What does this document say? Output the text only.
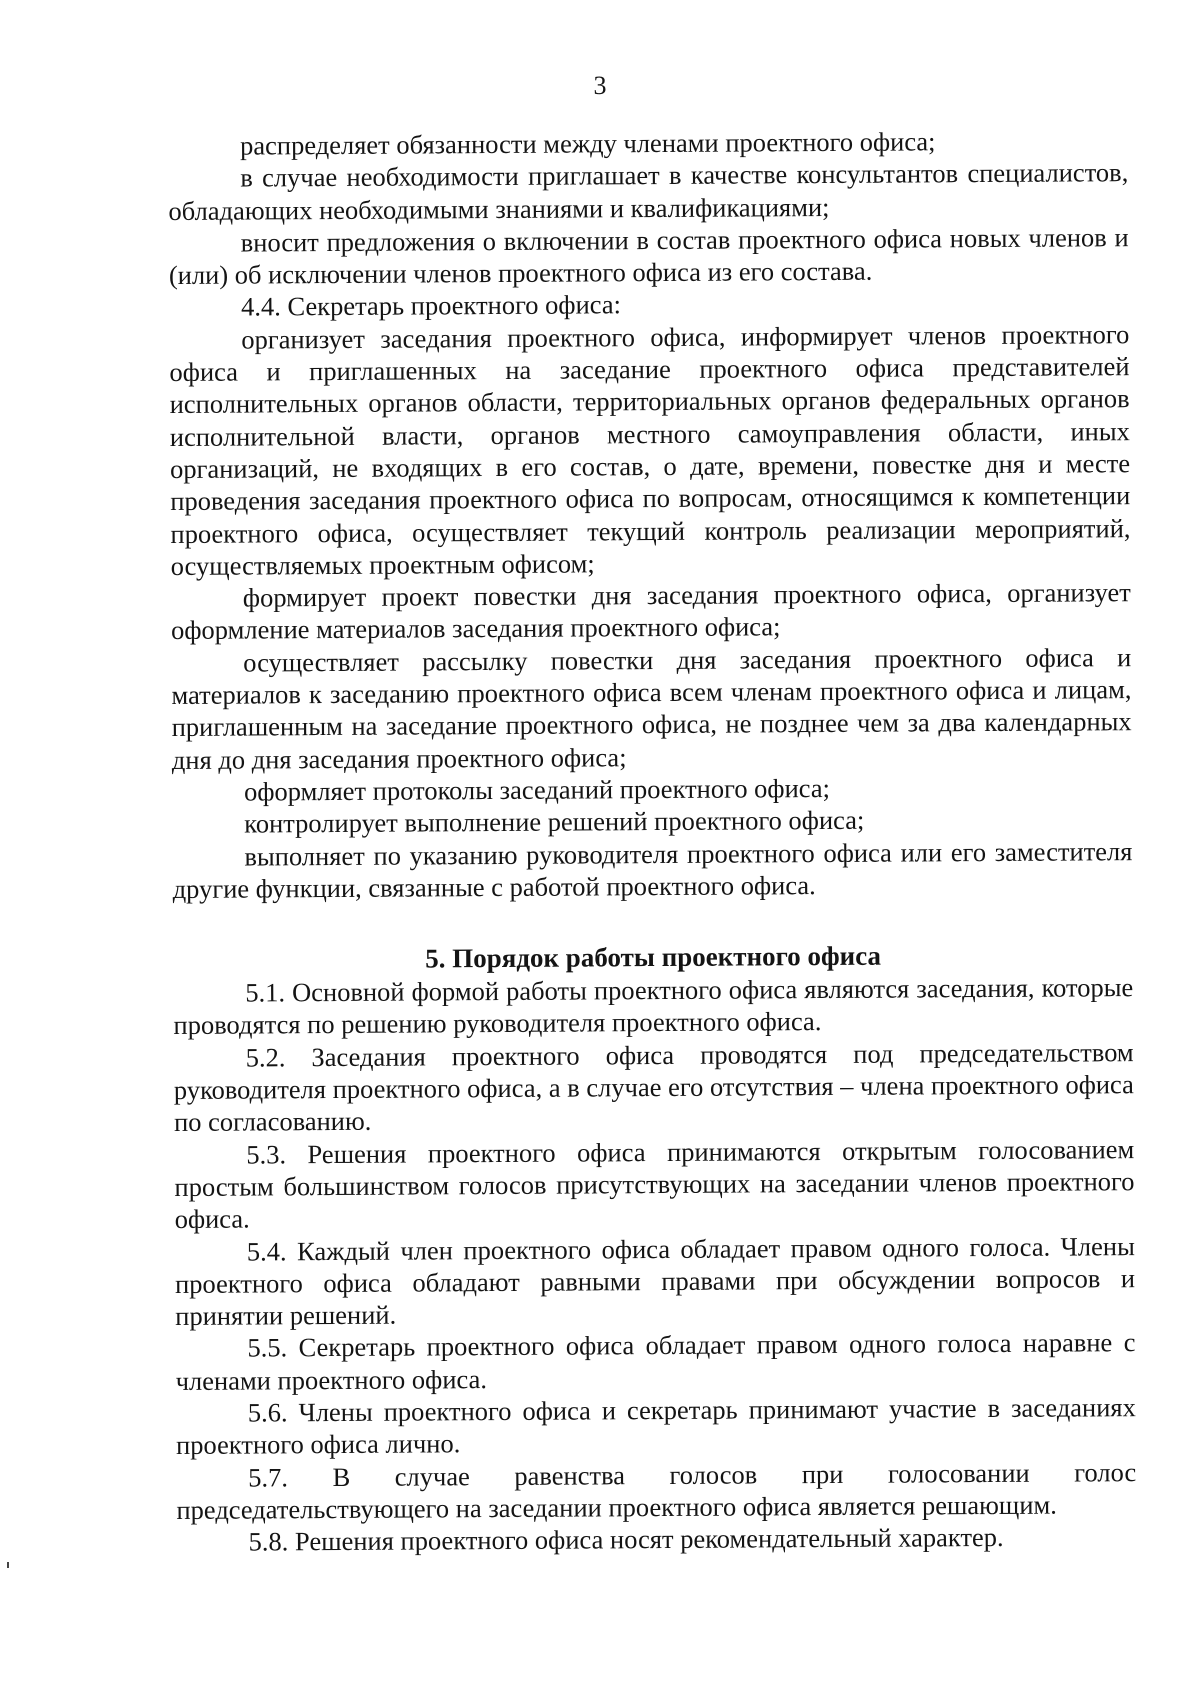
3

распределяет обязанности между членами проектного офиса;

в случае необходимости приглашает в качестве консультантов специалистов, обладающих необходимыми знаниями и квалификациями;

вносит предложения о включении в состав проектного офиса новых членов и (или) об исключении членов проектного офиса из его состава.

4.4. Секретарь проектного офиса:

организует заседания проектного офиса, информирует членов проектного офиса и приглашенных на заседание проектного офиса представителей исполнительных органов области, территориальных органов федеральных органов исполнительной власти, органов местного самоуправления области, иных организаций, не входящих в его состав, о дате, времени, повестке дня и месте проведения заседания проектного офиса по вопросам, относящимся к компетенции проектного офиса, осуществляет текущий контроль реализации мероприятий, осуществляемых проектным офисом;

формирует проект повестки дня заседания проектного офиса, организует оформление материалов заседания проектного офиса;

осуществляет рассылку повестки дня заседания проектного офиса и материалов к заседанию проектного офиса всем членам проектного офиса и лицам, приглашенным на заседание проектного офиса, не позднее чем за два календарных дня до дня заседания проектного офиса;

оформляет протоколы заседаний проектного офиса;

контролирует выполнение решений проектного офиса;

выполняет по указанию руководителя проектного офиса или его заместителя другие функции, связанные с работой проектного офиса.

5. Порядок работы проектного офиса

5.1. Основной формой работы проектного офиса являются заседания, которые проводятся по решению руководителя проектного офиса.

5.2. Заседания проектного офиса проводятся под председательством руководителя проектного офиса, а в случае его отсутствия – члена проектного офиса по согласованию.

5.3. Решения проектного офиса принимаются открытым голосованием простым большинством голосов присутствующих на заседании членов проектного офиса.

5.4. Каждый член проектного офиса обладает правом одного голоса. Члены проектного офиса обладают равными правами при обсуждении вопросов и принятии решений.

5.5. Секретарь проектного офиса обладает правом одного голоса наравне с членами проектного офиса.

5.6. Члены проектного офиса и секретарь принимают участие в заседаниях проектного офиса лично.

5.7. В случае равенства голосов при голосовании голос председательствующего на заседании проектного офиса является решающим.

5.8. Решения проектного офиса носят рекомендательный характер.
